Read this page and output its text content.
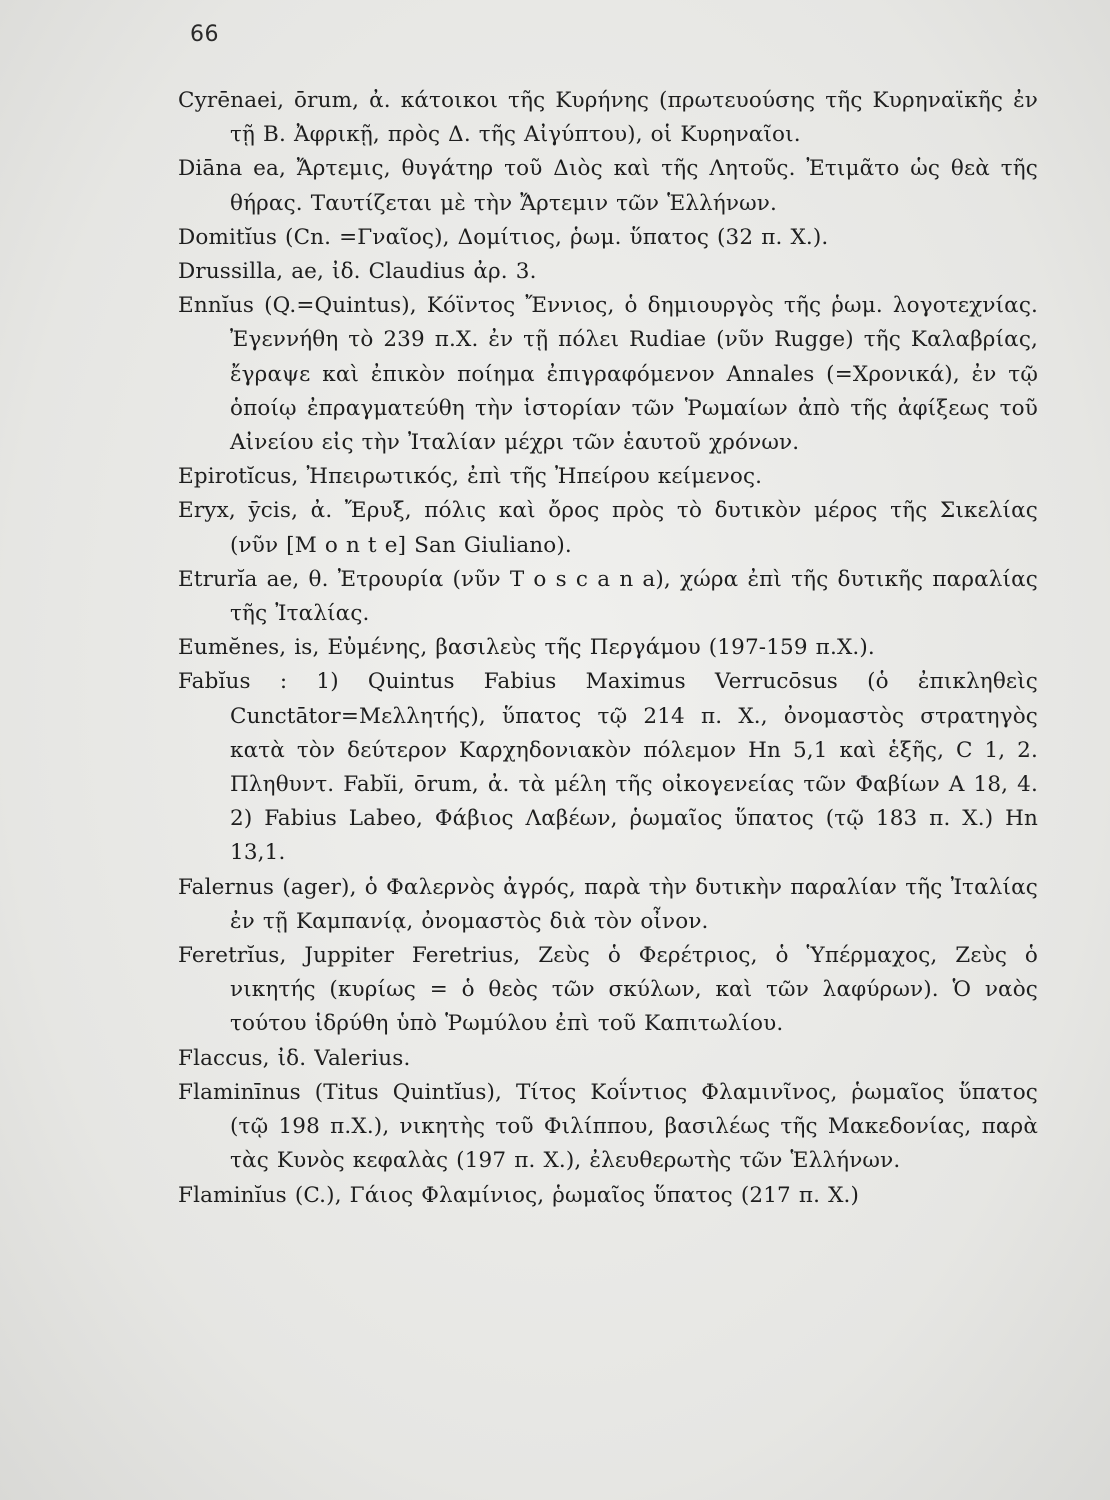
66

Cyrēnaei, ōrum, ἀ. κάτοικοι τῆς Κυρήνης (πρωτευούσης τῆς Κυρηναϊκῆς ἐν τῇ Β. Ἀφρικῇ, πρὸς Δ. τῆς Αἰγύπτου), οἱ Κυρηναῖοι.

Diāna ea, Ἄρτεμις, θυγάτηρ τοῦ Διὸς καὶ τῆς Λητοῦς. Ἐτιμᾶτο ὡς θεὰ τῆς θήρας. Ταυτίζεται μὲ τὴν Ἄρτεμιν τῶν Ἑλλήνων.

Domitĭus (Cn. =Γναῖος), Δομίτιος, ῥωμ. ὕπατος (32 π. Χ.).

Drussilla, ae, ἰδ. Claudius ἀρ. 3.

Ennĭus (Q.=Quintus), Κόϊντος Ἔννιος, ὁ δημιουργὸς τῆς ῥωμ. λογοτεχνίας. Ἐγεννήθη τὸ 239 π.Χ. ἐν τῇ πόλει Rudiae (νῦν Rugge) τῆς Καλαβρίας, ἔγραψε καὶ ἐπικὸν ποίημα ἐπιγραφόμενον Annales (=Χρονικά), ἐν τῷ ὁποίῳ ἐπραγματεύθη τὴν ἱστορίαν τῶν Ῥωμαίων ἀπὸ τῆς ἀφίξεως τοῦ Αἰνείου εἰς τὴν Ἰταλίαν μέχρι τῶν ἑαυτοῦ χρόνων.

Epirotĭcus, Ἠπειρωτικός, ἐπὶ τῆς Ἠπείρου κείμενος.

Eryx, ȳcis, ἀ. Ἔρυξ, πόλις καὶ ὄρος πρὸς τὸ δυτικὸν μέρος τῆς Σικελίας (νῦν [M o n t e] San Giuliano).

Etrurĭa ae, θ. Ἐτρουρία (νῦν T o s c a n a), χώρα ἐπὶ τῆς δυτικῆς παραλίας τῆς Ἰταλίας.

Eumĕnes, is, Εὐμένης, βασιλεὺς τῆς Περγάμου (197-159 π.Χ.).

Fabĭus : 1) Quintus Fabius Maximus Verrucōsus (ὁ ἐπικληθεὶς Cunctātor=Μελλητής), ὕπατος τῷ 214 π. Χ., ὀνομαστὸς στρατηγὸς κατὰ τὸν δεύτερον Καρχηδονιακὸν πόλεμον Hn 5,1 καὶ ἑξῆς, C 1, 2. Πληθυντ. Fabĭi, ōrum, ἀ. τὰ μέλη τῆς οἰκογενείας τῶν Φαβίων A 18, 4. 2) Fabius Labeo, Φάβιος Λαβέων, ῥωμαῖος ὕπατος (τῷ 183 π. Χ.) Hn 13,1.

Falernus (ager), ὁ Φαλερνὸς ἀγρός, παρὰ τὴν δυτικὴν παραλίαν τῆς Ἰταλίας ἐν τῇ Καμπανίᾳ, ὀνομαστὸς διὰ τὸν οἶνον.

Feretrĭus, Juppiter Feretrius, Ζεὺς ὁ Φερέτριος, ὁ Ὑπέρμαχος, Ζεὺς ὁ νικητής (κυρίως = ὁ θεὸς τῶν σκύλων, καὶ τῶν λαφύρων). Ὁ ναὸς τούτου ἱδρύθη ὑπὸ Ῥωμύλου ἐπὶ τοῦ Καπιτωλίου.

Flaccus, ἰδ. Valerius.

Flaminīnus (Titus Quintĭus), Τίτος Κοΐντιος Φλαμινῖνος, ῥωμαῖος ὕπατος (τῷ 198 π.Χ.), νικητὴς τοῦ Φιλίππου, βασιλέως τῆς Μακεδονίας, παρὰ τὰς Κυνὸς κεφαλὰς (197 π. Χ.), ἐλευθερωτὴς τῶν Ἑλλήνων.

Flaminĭus (C.), Γάιος Φλαμίνιος, ῥωμαῖος ὕπατος (217 π. Χ.)
